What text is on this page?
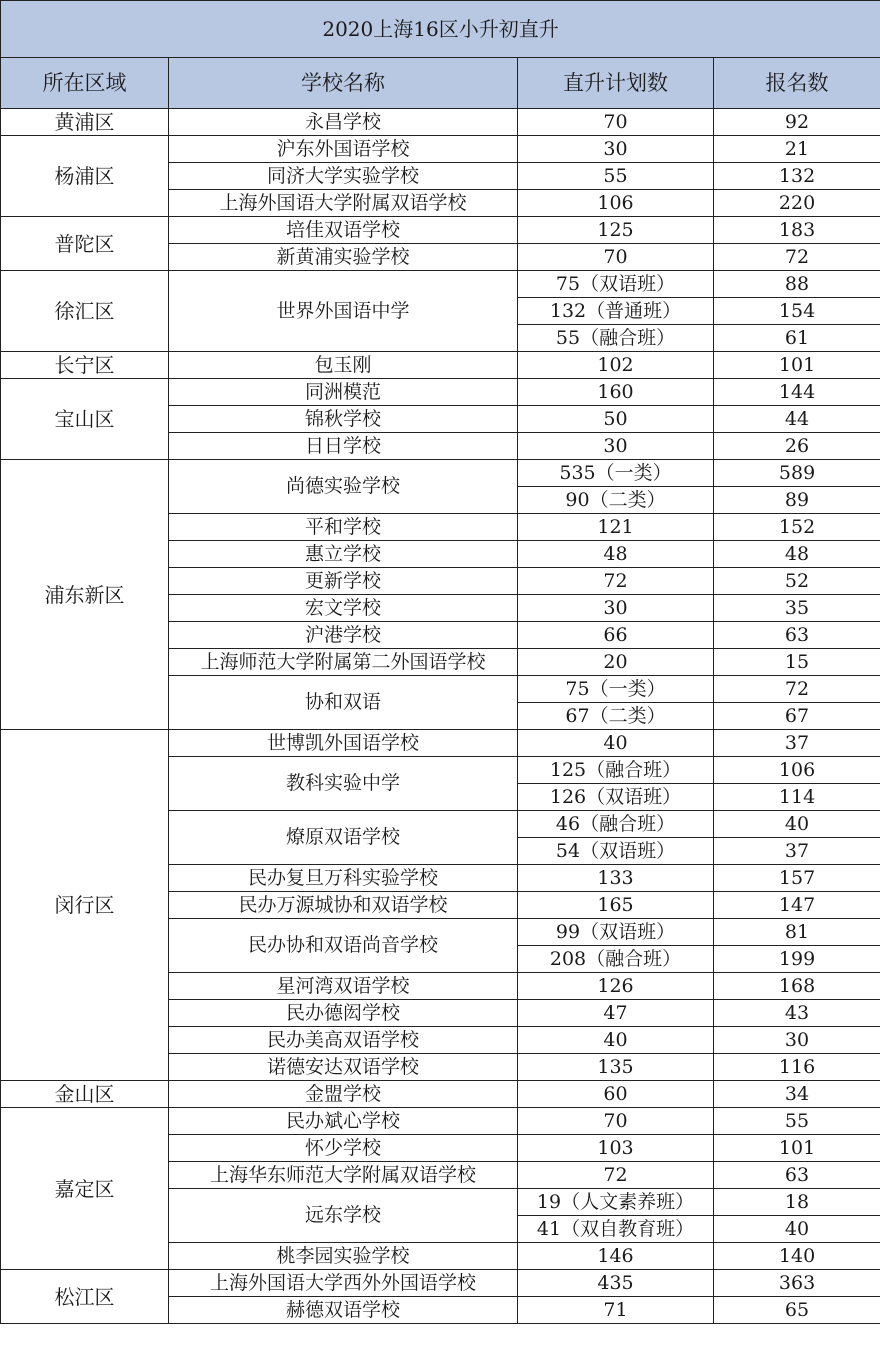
2020上海16区小升初直升			
所在区域	学校名称	直升计划数	报名数
黄浦区	永昌学校	70	92
杨浦区	沪东外国语学校	30	21
	同济大学实验学校	55	132
	上海外国语大学附属双语学校	106	220
普陀区	培佳双语学校	125	183
	新黄浦实验学校	70	72
徐汇区	世界外国语中学	75（双语班）	88
		132（普通班）	154
		55（融合班）	61
长宁区	包玉刚	102	101
宝山区	同洲模范	160	144
	锦秋学校	50	44
	日日学校	30	26
浦东新区	尚德实验学校	535（一类）	589
		90（二类）	89
	平和学校	121	152
	惠立学校	48	48
	更新学校	72	52
	宏文学校	30	35
	沪港学校	66	63
	上海师范大学附属第二外国语学校	20	15
	协和双语	75（一类）	72
		67（二类）	67
闵行区	世博凯外国语学校	40	37
	教科实验中学	125（融合班）	106
		126（双语班）	114
	燎原双语学校	46（融合班）	40
		54（双语班）	37
	民办复旦万科实验学校	133	157
	民办万源城协和双语学校	165	147
	民办协和双语尚音学校	99（双语班）	81
		208（融合班）	199
	星河湾双语学校	126	168
	民办德闳学校	47	43
	民办美高双语学校	40	30
	诺德安达双语学校	135	116
金山区	金盟学校	60	34
嘉定区	民办斌心学校	70	55
	怀少学校	103	101
	上海华东师范大学附属双语学校	72	63
	远东学校	19（人文素养班）	18
		41（双自教育班）	40
	桃李园实验学校	146	140
松江区	上海外国语大学西外外国语学校	435	363
	赫德双语学校	71	65
